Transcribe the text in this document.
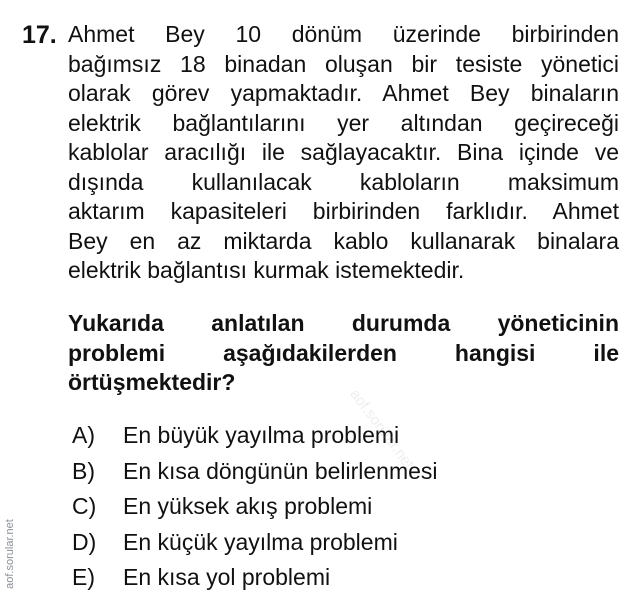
17. Ahmet Bey 10 dönüm üzerinde birbirinden
bağımsız 18 binadan oluşan bir tesiste yönetici
olarak görev yapmaktadır. Ahmet Bey binaların
elektrik bağlantılarını yer altından geçireceği
kablolar aracılığı ile sağlayacaktır. Bina içinde ve
dışında kullanılacak kabloların maksimum
aktarım kapasiteleri birbirinden farklıdır. Ahmet
Bey en az miktarda kablo kullanarak binalara
elektrik bağlantısı kurmak istemektedir.
Yukarıda anlatılan durumda yöneticinin
problemi aşağıdakilerden hangisi ile
örtüşmektedir?
A)	En büyük yayılma problemi
B)	En kısa döngünün belirlenmesi
C)	En yüksek akış problemi
D)	En küçük yayılma problemi
E)	En kısa yol problemi
aof.sorular.net
aof.sorular.net
